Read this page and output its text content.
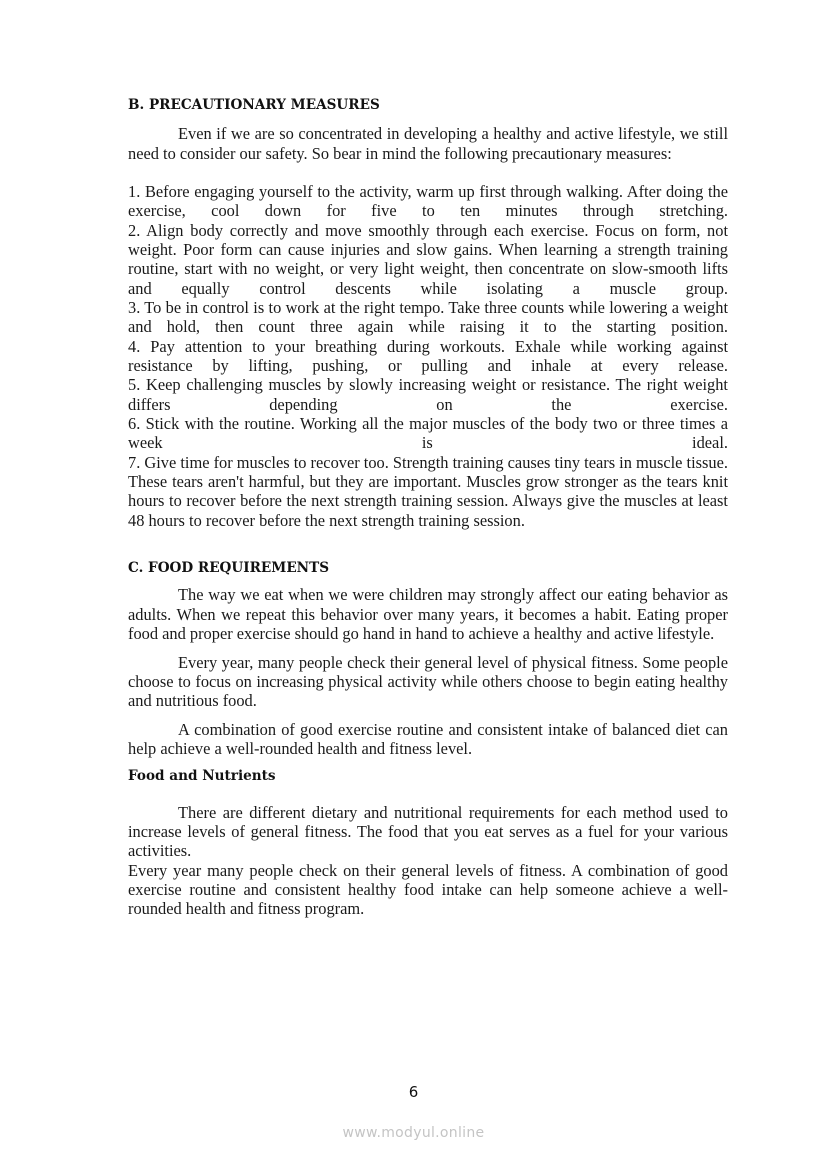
B. PRECAUTIONARY MEASURES

Even if we are so concentrated in developing a healthy and active lifestyle, we still need to consider our safety. So bear in mind the following precautionary measures:

1. Before engaging yourself to the activity, warm up first through walking. After doing the exercise, cool down for five to ten minutes through stretching.

2. Align body correctly and move smoothly through each exercise. Focus on form, not weight. Poor form can cause injuries and slow gains. When learning a strength training routine, start with no weight, or very light weight, then concentrate on slow-smooth lifts and equally control descents while isolating a muscle group.

3. To be in control is to work at the right tempo. Take three counts while lowering a weight and hold, then count three again while raising it to the starting position.

4. Pay attention to your breathing during workouts. Exhale while working against resistance by lifting, pushing, or pulling and inhale at every release.

5. Keep challenging muscles by slowly increasing weight or resistance. The right weight differs depending on the exercise.

6. Stick with the routine. Working all the major muscles of the body two or three times a week is ideal.

7. Give time for muscles to recover too. Strength training causes tiny tears in muscle tissue. These tears aren't harmful, but they are important. Muscles grow stronger as the tears knit hours to recover before the next strength training session. Always give the muscles at least 48 hours to recover before the next strength training session.

C. FOOD REQUIREMENTS

The way we eat when we were children may strongly affect our eating behavior as adults. When we repeat this behavior over many years, it becomes a habit. Eating proper food and proper exercise should go hand in hand to achieve a healthy and active lifestyle.

Every year, many people check their general level of physical fitness. Some people choose to focus on increasing physical activity while others choose to begin eating healthy and nutritious food.

A combination of good exercise routine and consistent intake of balanced diet can help achieve a well-rounded health and fitness level.

Food and Nutrients

There are different dietary and nutritional requirements for each method used to increase levels of general fitness. The food that you eat serves as a fuel for your various activities.

Every year many people check on their general levels of fitness. A combination of good exercise routine and consistent healthy food intake can help someone achieve a well-rounded health and fitness program.

6
www.modyul.online
